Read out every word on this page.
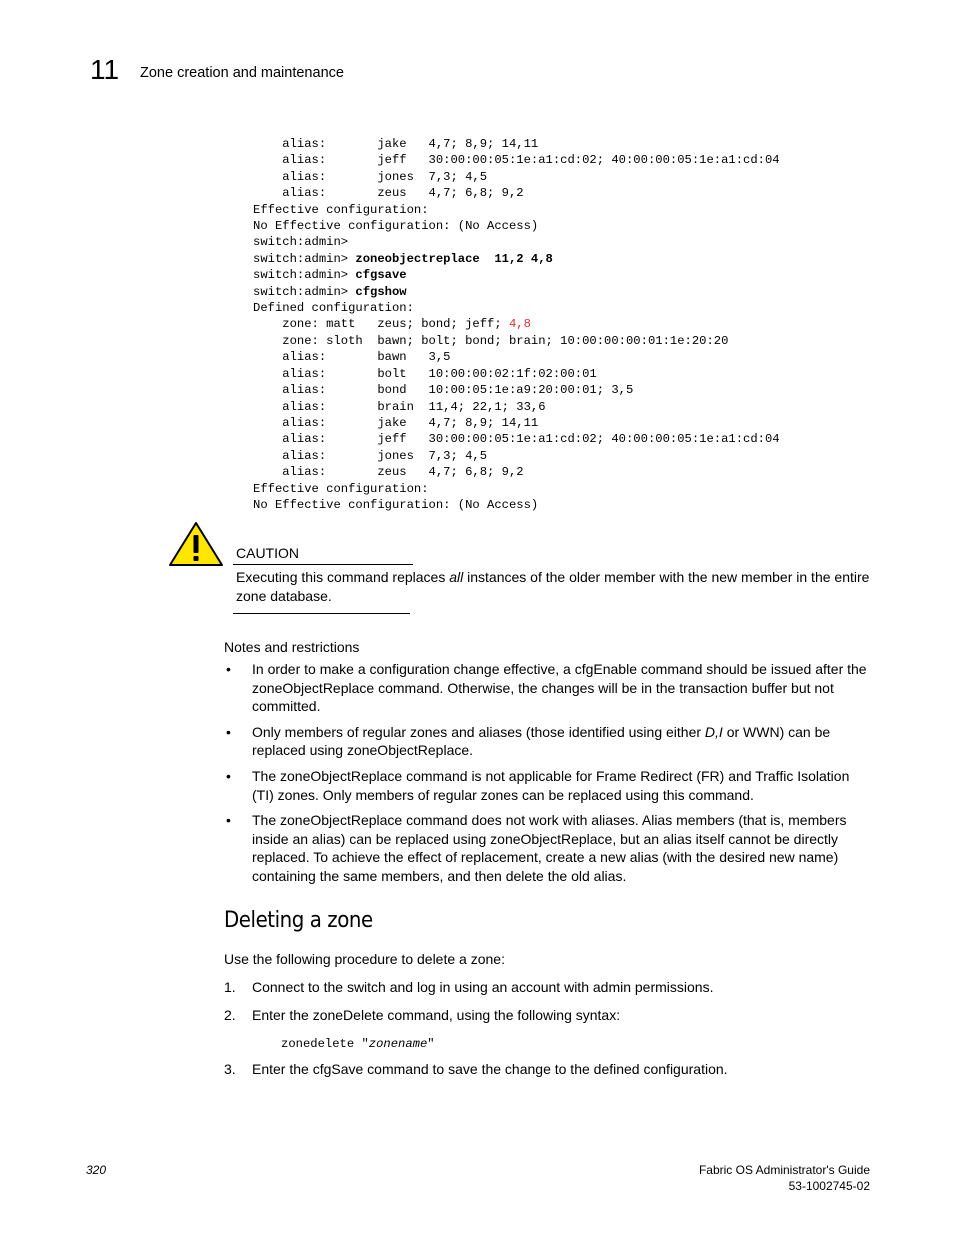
11 Zone creation and maintenance
alias:       jake   4,7; 8,9; 14,11
alias:       jeff   30:00:00:05:1e:a1:cd:02; 40:00:00:05:1e:a1:cd:04
alias:       jones  7,3; 4,5
alias:       zeus   4,7; 6,8; 9,2
Effective configuration:
No Effective configuration: (No Access)
switch:admin>
switch:admin> zoneobjectreplace  11,2 4,8
switch:admin> cfgsave
switch:admin> cfgshow
Defined configuration:
zone: matt   zeus; bond; jeff; 4,8
zone: sloth  bawn; bolt; bond; brain; 10:00:00:00:01:1e:20:20
alias:       bawn   3,5
alias:       bolt   10:00:00:02:1f:02:00:01
alias:       bond   10:00:05:1e:a9:20:00:01; 3,5
alias:       brain  11,4; 22,1; 33,6
alias:       jake   4,7; 8,9; 14,11
alias:       jeff   30:00:00:05:1e:a1:cd:02; 40:00:00:05:1e:a1:cd:04
alias:       jones  7,3; 4,5
alias:       zeus   4,7; 6,8; 9,2
Effective configuration:
No Effective configuration: (No Access)
CAUTION
Executing this command replaces all instances of the older member with the new member in the entire zone database.
Notes and restrictions
• In order to make a configuration change effective, a cfgEnable command should be issued after the zoneObjectReplace command. Otherwise, the changes will be in the transaction buffer but not committed.
• Only members of regular zones and aliases (those identified using either D,I or WWN) can be replaced using zoneObjectReplace.
• The zoneObjectReplace command is not applicable for Frame Redirect (FR) and Traffic Isolation (TI) zones. Only members of regular zones can be replaced using this command.
• The zoneObjectReplace command does not work with aliases. Alias members (that is, members inside an alias) can be replaced using zoneObjectReplace, but an alias itself cannot be directly replaced. To achieve the effect of replacement, create a new alias (with the desired new name) containing the same members, and then delete the old alias.
Deleting a zone
Use the following procedure to delete a zone:
1. Connect to the switch and log in using an account with admin permissions.
2. Enter the zoneDelete command, using the following syntax:
zonedelete "zonename"
3. Enter the cfgSave command to save the change to the defined configuration.
320	Fabric OS Administrator's Guide
53-1002745-02
